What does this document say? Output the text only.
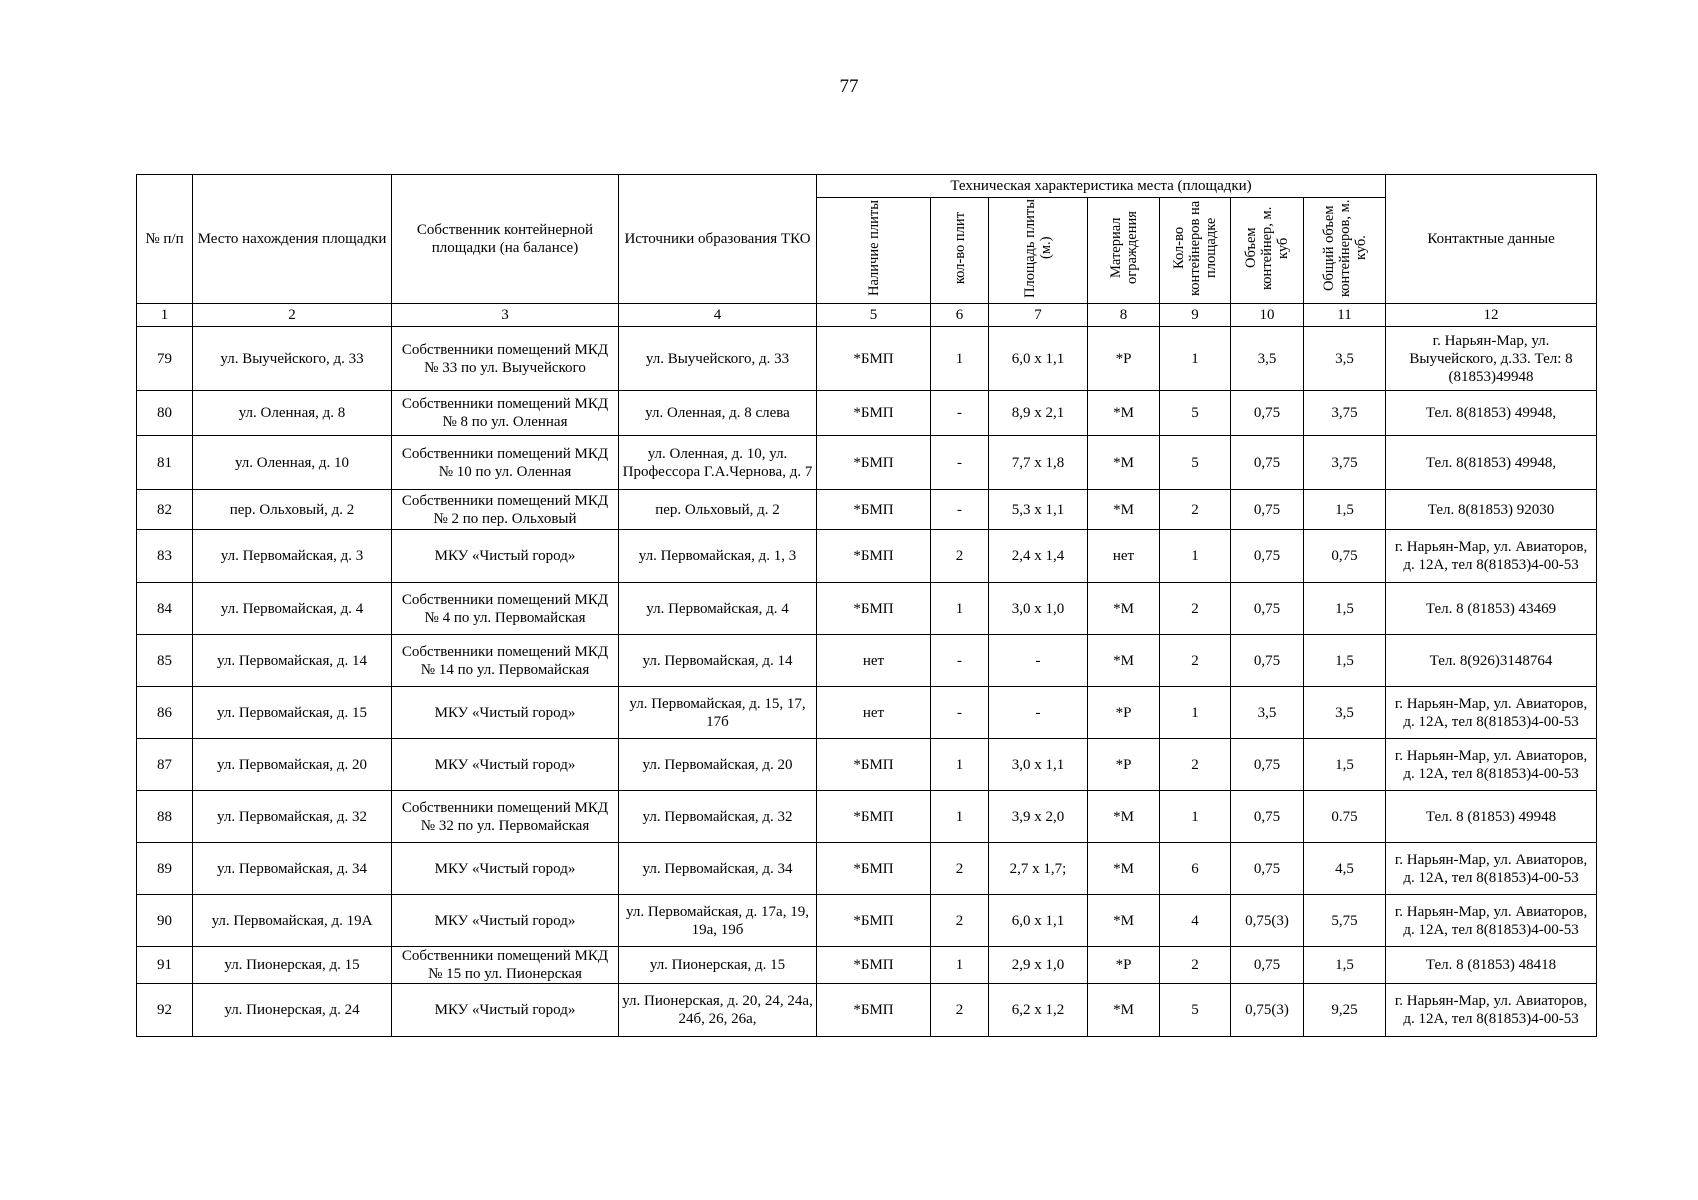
77
№ п/п	Место нахождения площадки	Собственник контейнерной площадки (на балансе)	Источники образования ТКО	Техническая характеристика места (площадки)							Контактные данные
				Наличие плиты	кол-во плит	Площадь плиты (м.)	Материал ограждения	Кол-во контейнеров на площадке	Объем контейнер, м. куб	Общий объем контейнеров, м. куб.	
1	2	3	4	5	6	7	8	9	10	11	12
79	ул. Выучейского, д. 33	Собственники помещений МКД № 33 по ул. Выучейского	ул. Выучейского, д. 33	*БМП	1	6,0 х 1,1	*Р	1	3,5	3,5	г. Нарьян-Мар, ул. Выучейского, д.33. Тел: 8 (81853)49948
80	ул. Оленная, д. 8	Собственники помещений МКД № 8 по ул. Оленная	ул. Оленная, д. 8 слева	*БМП	-	8,9 х 2,1	*М	5	0,75	3,75	Тел. 8(81853) 49948,
81	ул. Оленная, д. 10	Собственники помещений МКД № 10 по ул. Оленная	ул. Оленная, д. 10, ул. Профессора Г.А.Чернова, д. 7	*БМП	-	7,7 х 1,8	*М	5	0,75	3,75	Тел. 8(81853) 49948,
82	пер. Ольховый, д. 2	Собственники помещений МКД № 2 по пер. Ольховый	пер. Ольховый, д. 2	*БМП	-	5,3 х 1,1	*М	2	0,75	1,5	Тел. 8(81853) 92030
83	ул. Первомайская, д. 3	МКУ «Чистый город»	ул. Первомайская, д. 1, 3	*БМП	2	2,4 х 1,4	нет	1	0,75	0,75	г. Нарьян-Мар, ул. Авиаторов, д. 12А, тел 8(81853)4-00-53
84	ул. Первомайская, д. 4	Собственники помещений МКД № 4 по ул. Первомайская	ул. Первомайская, д. 4	*БМП	1	3,0 х 1,0	*М	2	0,75	1,5	Тел. 8 (81853) 43469
85	ул. Первомайская, д. 14	Собственники помещений МКД № 14 по ул. Первомайская	ул. Первомайская, д. 14	нет	-	-	*М	2	0,75	1,5	Тел. 8(926)3148764
86	ул. Первомайская, д. 15	МКУ «Чистый город»	ул. Первомайская, д. 15, 17, 17б	нет	-	-	*Р	1	3,5	3,5	г. Нарьян-Мар, ул. Авиаторов, д. 12А, тел 8(81853)4-00-53
87	ул. Первомайская, д. 20	МКУ «Чистый город»	ул. Первомайская, д. 20	*БМП	1	3,0 х 1,1	*Р	2	0,75	1,5	г. Нарьян-Мар, ул. Авиаторов, д. 12А, тел 8(81853)4-00-53
88	ул. Первомайская, д. 32	Собственники помещений МКД № 32 по ул. Первомайская	ул. Первомайская, д. 32	*БМП	1	3,9 х 2,0	*М	1	0,75	0.75	Тел. 8 (81853) 49948
89	ул. Первомайская, д. 34	МКУ «Чистый город»	ул. Первомайская, д. 34	*БМП	2	2,7 х 1,7;	*М	6	0,75	4,5	г. Нарьян-Мар, ул. Авиаторов, д. 12А, тел 8(81853)4-00-53
90	ул. Первомайская, д. 19А	МКУ «Чистый город»	ул. Первомайская, д. 17а, 19, 19а, 19б	*БМП	2	6,0 х 1,1	*М	4	0,75(3)	5,75	г. Нарьян-Мар, ул. Авиаторов, д. 12А, тел 8(81853)4-00-53
91	ул. Пионерская, д. 15	Собственники помещений МКД № 15 по ул. Пионерская	ул. Пионерская, д. 15	*БМП	1	2,9 х 1,0	*Р	2	0,75	1,5	Тел. 8 (81853) 48418
92	ул. Пионерская, д. 24	МКУ «Чистый город»	ул. Пионерская, д. 20, 24, 24а, 24б, 26, 26а,	*БМП	2	6,2 х 1,2	*М	5	0,75(3)	9,25	г. Нарьян-Мар, ул. Авиаторов, д. 12А, тел 8(81853)4-00-53
